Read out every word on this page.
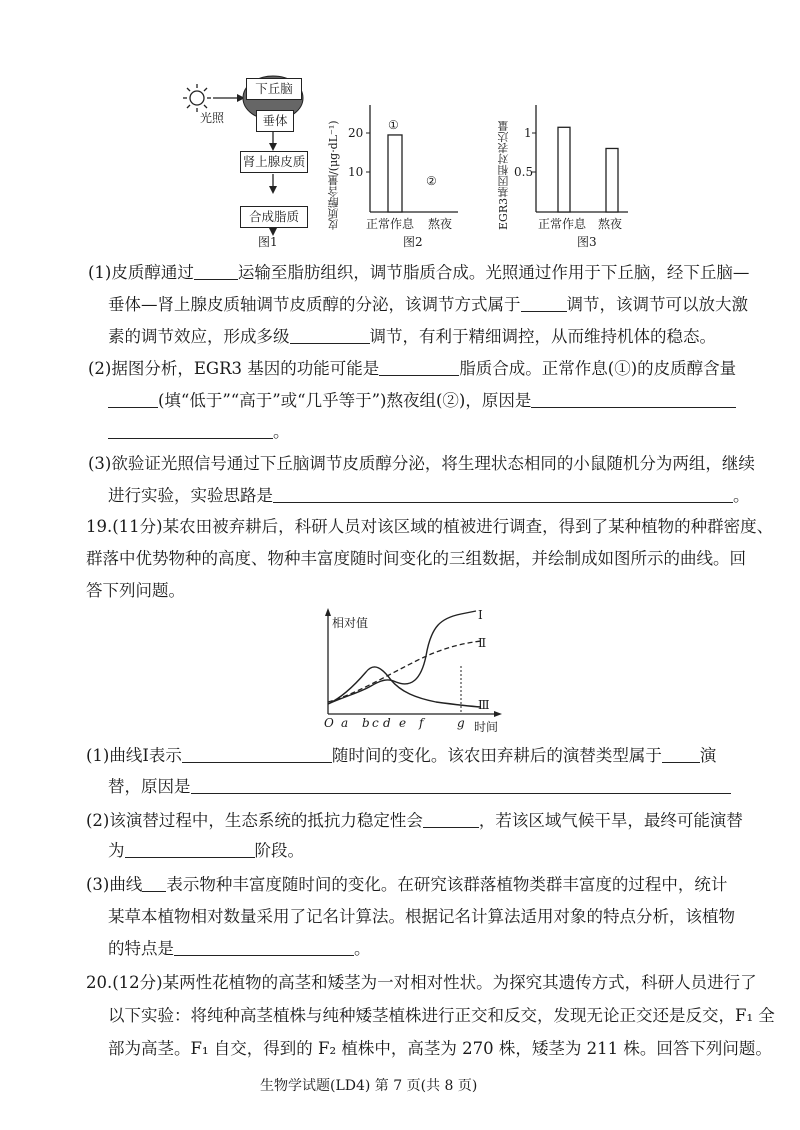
光照
下丘脑
垂体
肾上腺皮质
合成脂质
图1
皮质醇含量/(μg·dL⁻¹) 20
10
①
②
正常作息 熬夜
图2
EGR3基因相对表达量 1
0.5
正常作息 熬夜
图3
(1)皮质醇通过	运输至脂肪组织，调节脂质合成。光照通过作用于下丘脑，经下丘脑—
垂体—肾上腺皮质轴调节皮质醇的分泌，该调节方式属于	调节，该调节可以放大激
素的调节效应，形成多级	调节，有利于精细调控，从而维持机体的稳态。
(2)据图分析，EGR3 基因的功能可能是	脂质合成。正常作息(①)的皮质醇含量
(填“低于”“高于”或“几乎等于”)熬夜组(②)，原因是
。
(3)欲验证光照信号通过下丘脑调节皮质醇分泌，将生理状态相同的小鼠随机分为两组，继续
进行实验，实验思路是	。
19.(11分)某农田被弃耕后，科研人员对该区域的植被进行调查，得到了某种植物的种群密度、
群落中优势物种的高度、物种丰富度随时间变化的三组数据，并绘制成如图所示的曲线。回
答下列问题。
相对值
Ⅰ
Ⅱ
Ⅲ
O a b c d e f	g 时间
(1)曲线Ⅰ表示	随时间的变化。该农田弃耕后的演替类型属于 演
替，原因是
(2)该演替过程中，生态系统的抵抗力稳定性会	，若该区域气候干旱，最终可能演替
为	阶段。
(3)曲线 表示物种丰富度随时间的变化。在研究该群落植物类群丰富度的过程中，统计
某草本植物相对数量采用了记名计算法。根据记名计算法适用对象的特点分析，该植物
的特点是	。
20.(12分)某两性花植物的高茎和矮茎为一对相对性状。为探究其遗传方式，科研人员进行了
以下实验：将纯种高茎植株与纯种矮茎植株进行正交和反交，发现无论正交还是反交，F₁ 全
部为高茎。F₁ 自交，得到的 F₂ 植株中，高茎为 270 株，矮茎为 211 株。回答下列问题。
生物学试题(LD4) 第 7 页(共 8 页)
